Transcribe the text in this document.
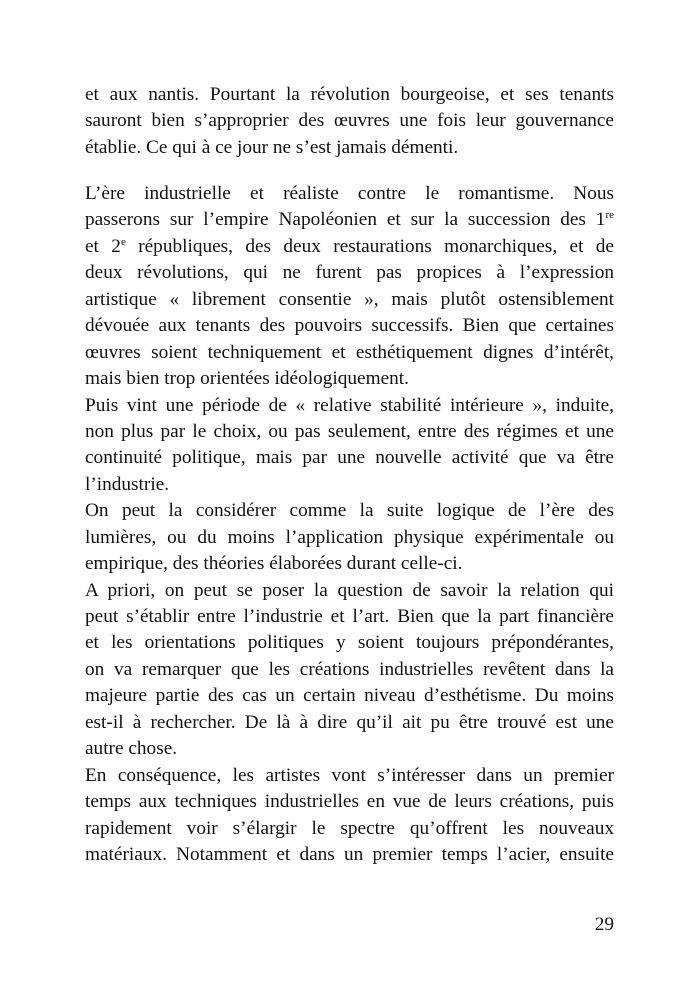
et aux nantis. Pourtant la révolution bourgeoise, et ses tenants
sauront bien s’approprier des œuvres une fois leur gouvernance
établie. Ce qui à ce jour ne s’est jamais démenti.
L’ère industrielle et réaliste contre le romantisme. Nous
passerons sur l’empire Napoléonien et sur la succession des 1re
et 2e républiques, des deux restaurations monarchiques, et de
deux révolutions, qui ne furent pas propices à l’expression
artistique « librement consentie », mais plutôt ostensiblement
dévouée aux tenants des pouvoirs successifs. Bien que certaines
œuvres soient techniquement et esthétiquement dignes d’intérêt,
mais bien trop orientées idéologiquement.
Puis vint une période de « relative stabilité intérieure », induite,
non plus par le choix, ou pas seulement, entre des régimes et une
continuité politique, mais par une nouvelle activité que va être
l’industrie.
On peut la considérer comme la suite logique de l’ère des
lumières, ou du moins l’application physique expérimentale ou
empirique, des théories élaborées durant celle-ci.
A priori, on peut se poser la question de savoir la relation qui
peut s’établir entre l’industrie et l’art. Bien que la part financière
et les orientations politiques y soient toujours prépondérantes,
on va remarquer que les créations industrielles revêtent dans la
majeure partie des cas un certain niveau d’esthétisme. Du moins
est-il à rechercher. De là à dire qu’il ait pu être trouvé est une
autre chose.
En conséquence, les artistes vont s’intéresser dans un premier
temps aux techniques industrielles en vue de leurs créations, puis
rapidement voir s’élargir le spectre qu’offrent les nouveaux
matériaux. Notamment et dans un premier temps l’acier, ensuite
29
